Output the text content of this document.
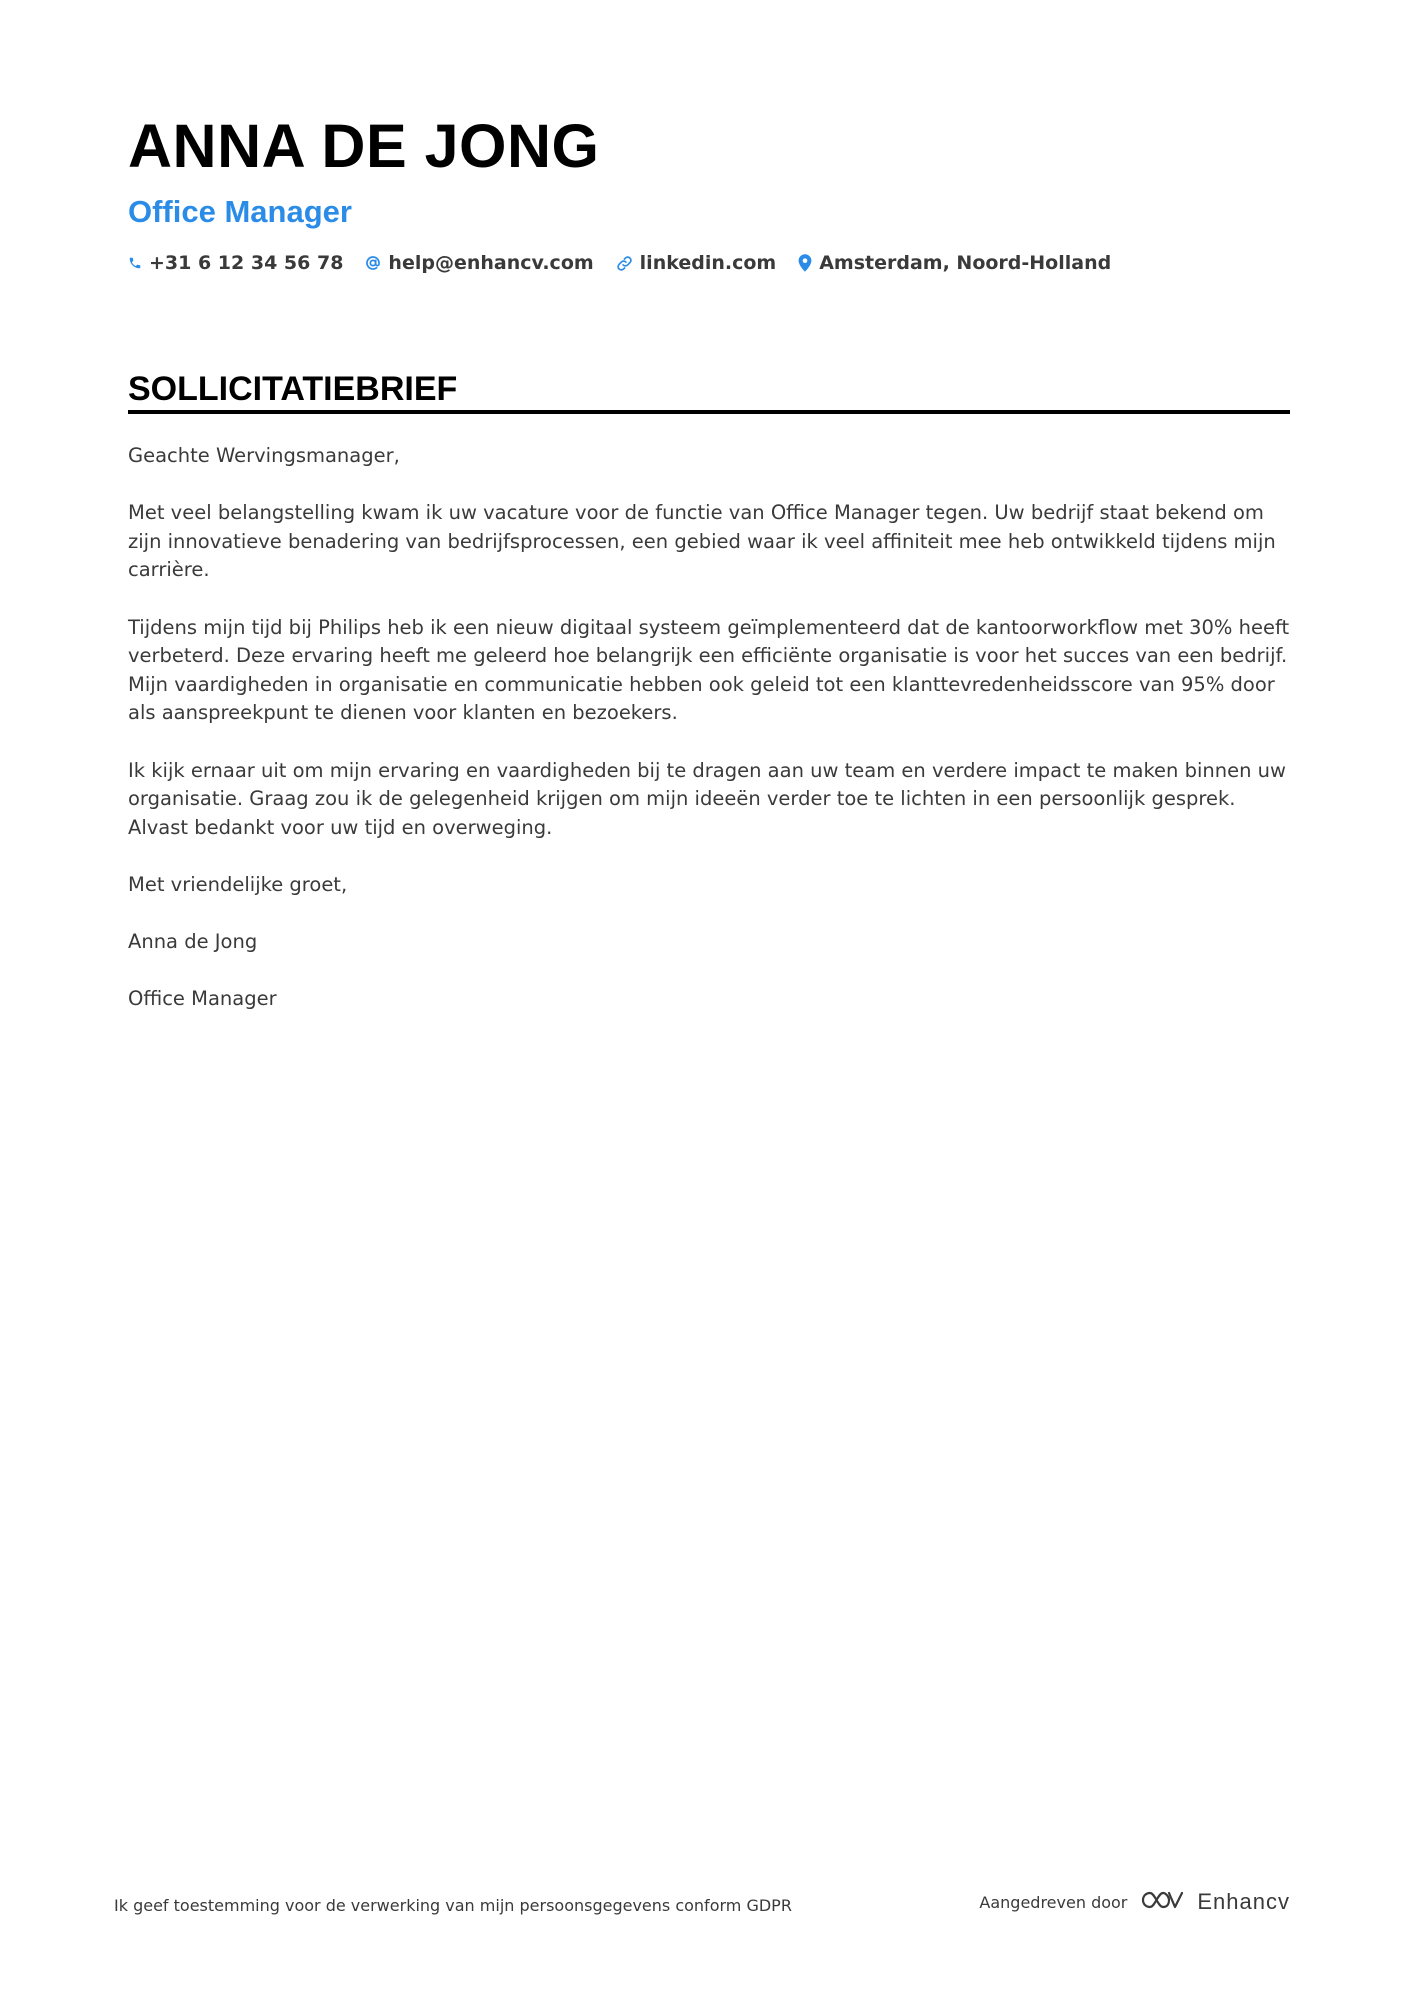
ANNA DE JONG
Office Manager
+31 6 12 34 56 78 help@enhancv.com linkedin.com Amsterdam, Noord-Holland
SOLLICITATIEBRIEF

Geachte Wervingsmanager,

Met veel belangstelling kwam ik uw vacature voor de functie van Office Manager tegen. Uw bedrijf staat bekend om zijn innovatieve benadering van bedrijfsprocessen, een gebied waar ik veel affiniteit mee heb ontwikkeld tijdens mijn carrière.

Tijdens mijn tijd bij Philips heb ik een nieuw digitaal systeem geïmplementeerd dat de kantoorworkflow met 30% heeft verbeterd. Deze ervaring heeft me geleerd hoe belangrijk een efficiënte organisatie is voor het succes van een bedrijf. Mijn vaardigheden in organisatie en communicatie hebben ook geleid tot een klanttevredenheidsscore van 95% door als aanspreekpunt te dienen voor klanten en bezoekers.

Ik kijk ernaar uit om mijn ervaring en vaardigheden bij te dragen aan uw team en verdere impact te maken binnen uw organisatie. Graag zou ik de gelegenheid krijgen om mijn ideeën verder toe te lichten in een persoonlijk gesprek. Alvast bedankt voor uw tijd en overweging.

Met vriendelijke groet,

Anna de Jong

Office Manager

Ik geef toestemming voor de verwerking van mijn persoonsgegevens conform GDPR	Aangedreven door	Enhancv
